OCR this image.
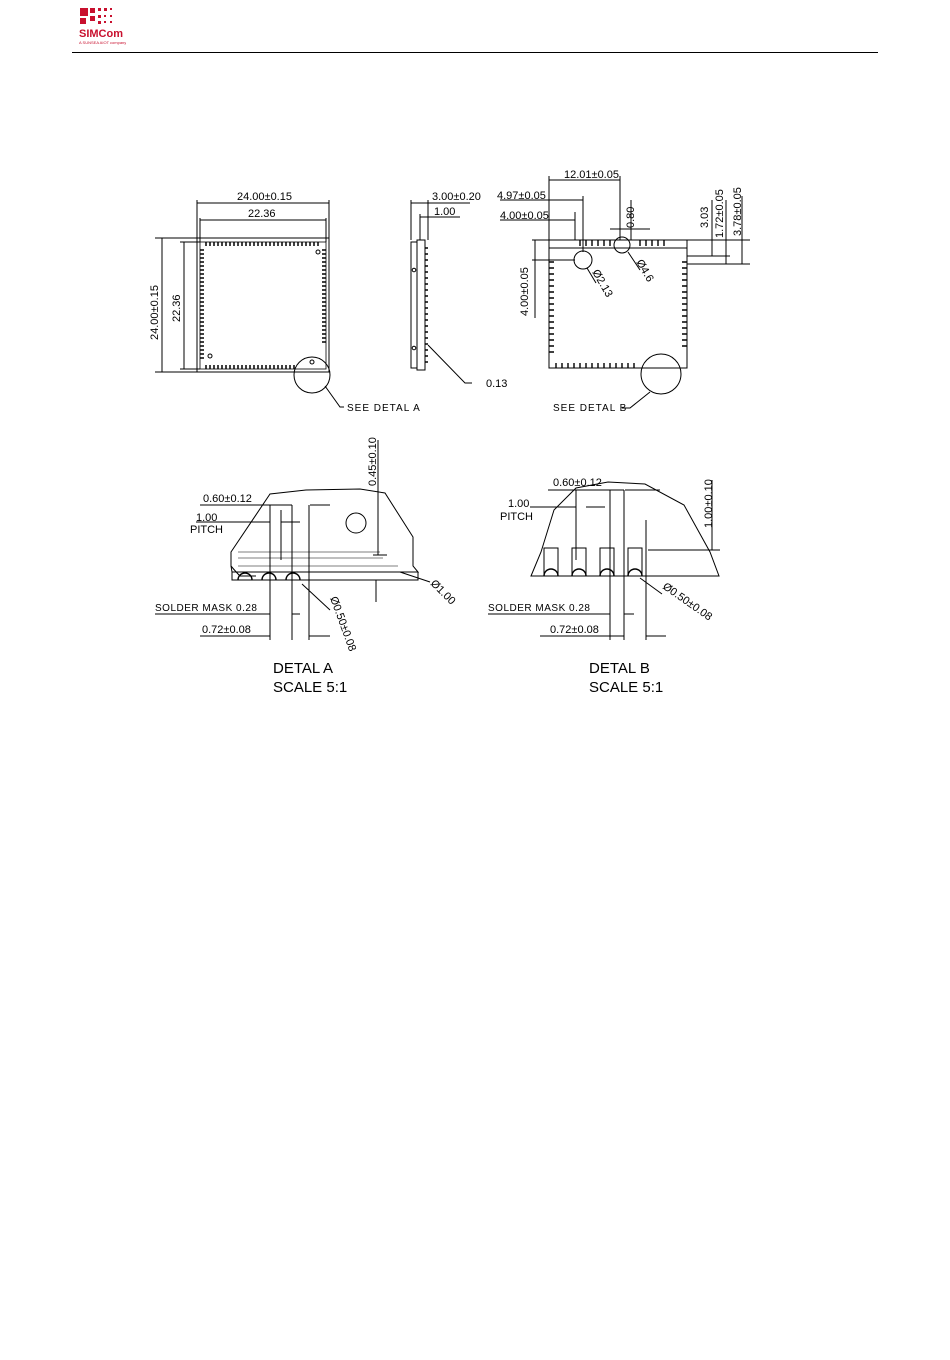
SIMCom
A SUNSEA AIOT company
24.00±0.15
22.36
24.00±0.15 22.36
SEE DETAL A
3.00±0.20
1.00
0.13
12.01±0.05
4.97±0.05
4.00±0.05	0.80	3.03 1.72±0.05 3.78±0.05
4.00±0.05	Ø2.13 Ø4.6
SEE DETAL B
0.60±0.12
1.00
PITCH
0.45±0.10
Ø1.00
SOLDER MASK 0.28
0.72±0.08	Ø0.50±0.08
DETAL A
SCALE 5:1
0.60±0.12
1.00
PITCH	1.00±0.10
SOLDER MASK 0.28
0.72±0.08
Ø0.50±0.08
DETAL B
SCALE 5:1
